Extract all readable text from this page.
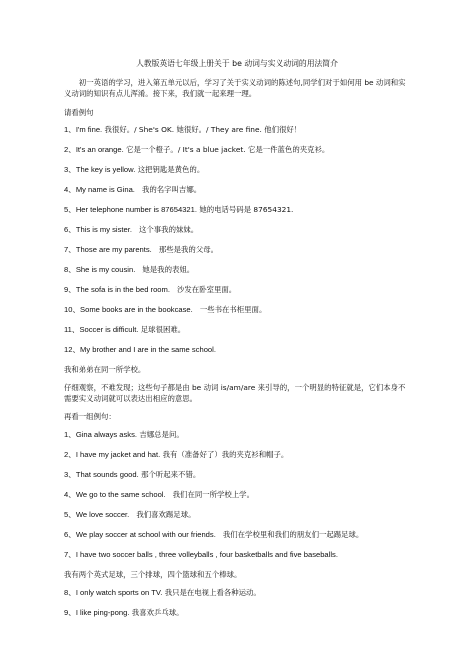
人教版英语七年级上册关于 be 动词与实义动词的用法简介

初一英语的学习，进入第五单元以后，学习了关于实义动词的陈述句,同学们对于如何用 be 动词和实义动词的知识有点儿浑淆。接下来，我们就一起来理一理。

请看例句

1、I'm fine. 我很好。/ She's OK. 她很好。/ They are fine. 他们很好！

2、It's an orange. 它是一个橙子。/ It's a blue jacket. 它是一件蓝色的夹克衫。

3、The key is yellow. 这把钥匙是黄色的。

4、My name is Gina. 我的名字叫吉娜。

5、Her telephone number is 87654321. 她的电话号码是 87654321.

6、This is my sister. 这个事我的妹妹。

7、Those are my parents. 那些是我的父母。

8、She is my cousin. 她是我的表姐。

9、The sofa is in the bed room. 沙发在卧室里面。

10、Some books are in the bookcase. 一些书在书柜里面。

11、Soccer is difficult. 足球很困难。

12、My brother and I are in the same school.

我和弟弟在同一所学校。

仔细观察，不难发现；这些句子都是由 be 动词 is/am/are 来引导的，一个明显的特征就是，它们本身不需要实义动词就可以表达出相应的意思。

再看一组例句：

1、Gina always asks. 吉娜总是问。

2、I have my jacket and hat. 我有（准备好了）我的夹克衫和帽子。

3、That sounds good. 那个听起来不错。

4、We go to the same school. 我们在同一所学校上学。

5、We love soccer. 我们喜欢踢足球。

6、We play soccer at school with our friends. 我们在学校里和我们的朋友们一起踢足球。

7、I have two soccer balls , three volleyballs , four basketballs and five baseballs.

我有两个英式足球，三个排球，四个篮球和五个棒球。

8、I only watch sports on TV. 我只是在电视上看各种运动。

9、I like ping-pong. 我喜欢乒乓球。
